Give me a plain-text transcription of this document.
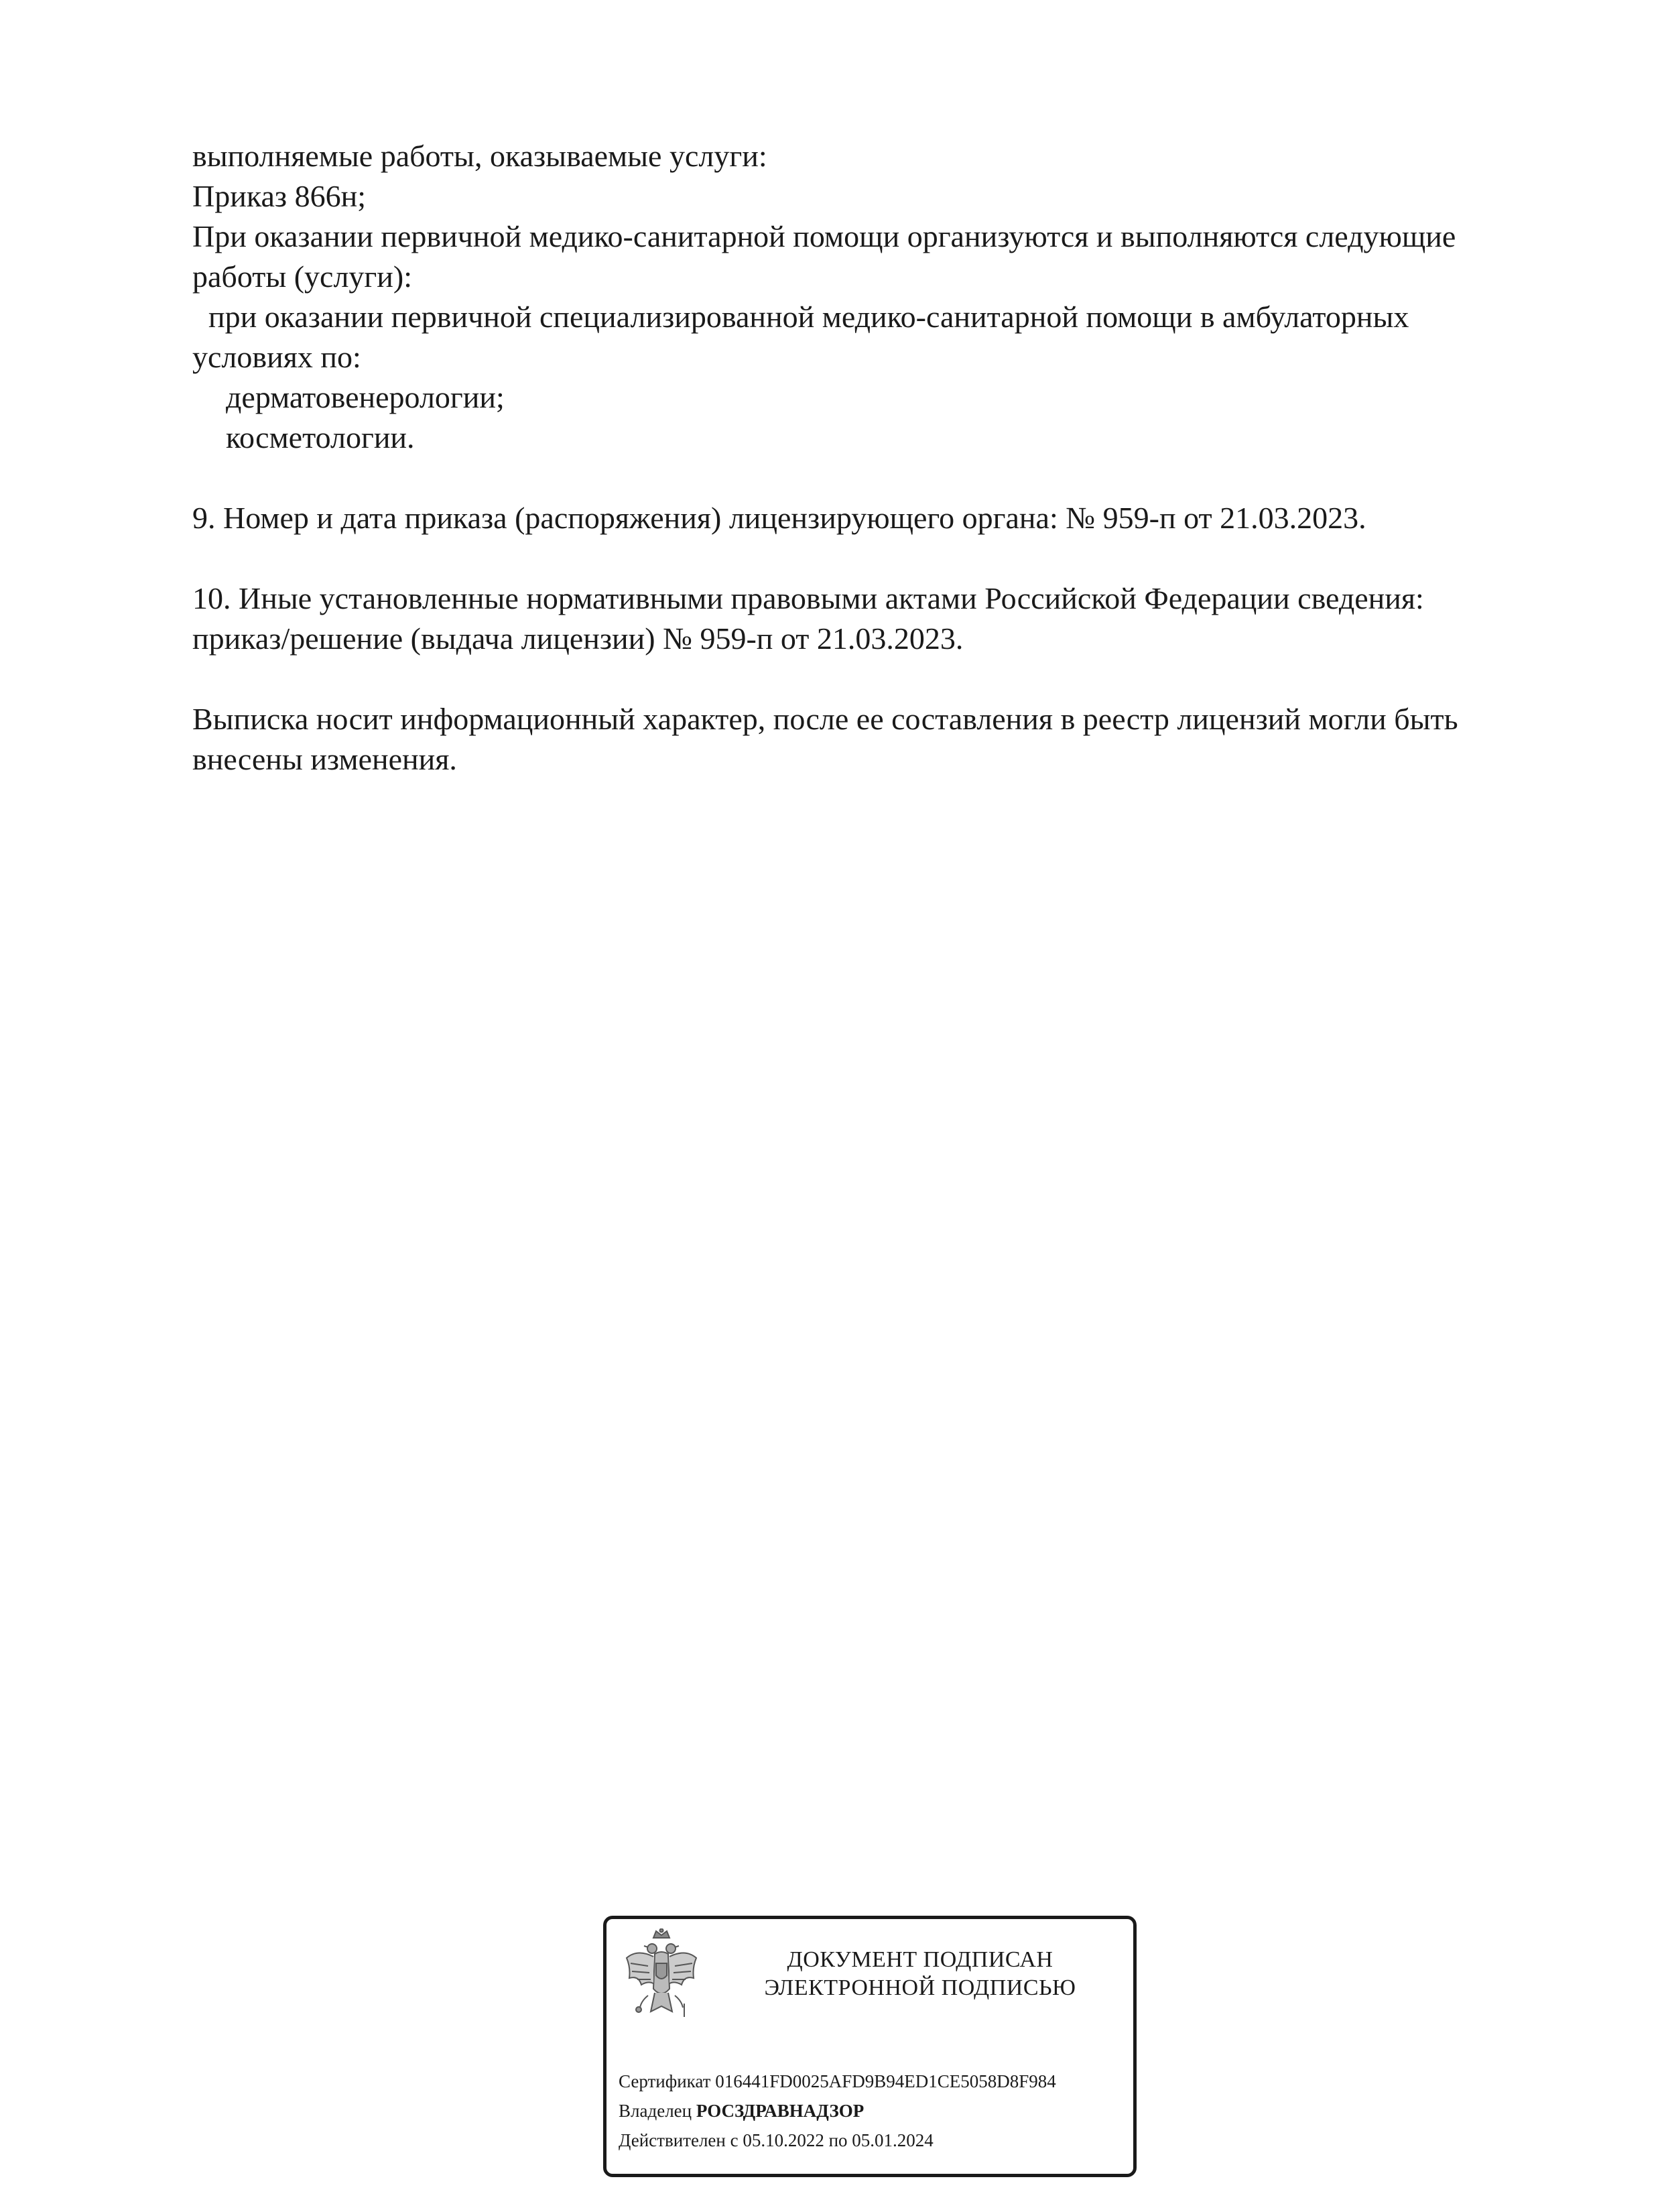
выполняемые работы, оказываемые услуги:
Приказ 866н;
При оказании первичной медико-санитарной помощи организуются и выполняются следующие
работы (услуги):
при оказании первичной специализированной медико-санитарной помощи в амбулаторных
условиях по:
дерматовенерологии;
косметологии.
9. Номер и дата приказа (распоряжения) лицензирующего органа: № 959-п от 21.03.2023.
10. Иные установленные нормативными правовыми актами Российской Федерации сведения:
приказ/решение (выдача лицензии) № 959-п от 21.03.2023.
Выписка носит информационный характер, после ее составления в реестр лицензий могли быть
внесены изменения.
ДОКУМЕНТ ПОДПИСАН
ЭЛЕКТРОННОЙ ПОДПИСЬЮ
Сертификат 016441FD0025AFD9B94ED1CE5058D8F984
Владелец РОСЗДРАВНАДЗОР
Действителен с 05.10.2022 по 05.01.2024
